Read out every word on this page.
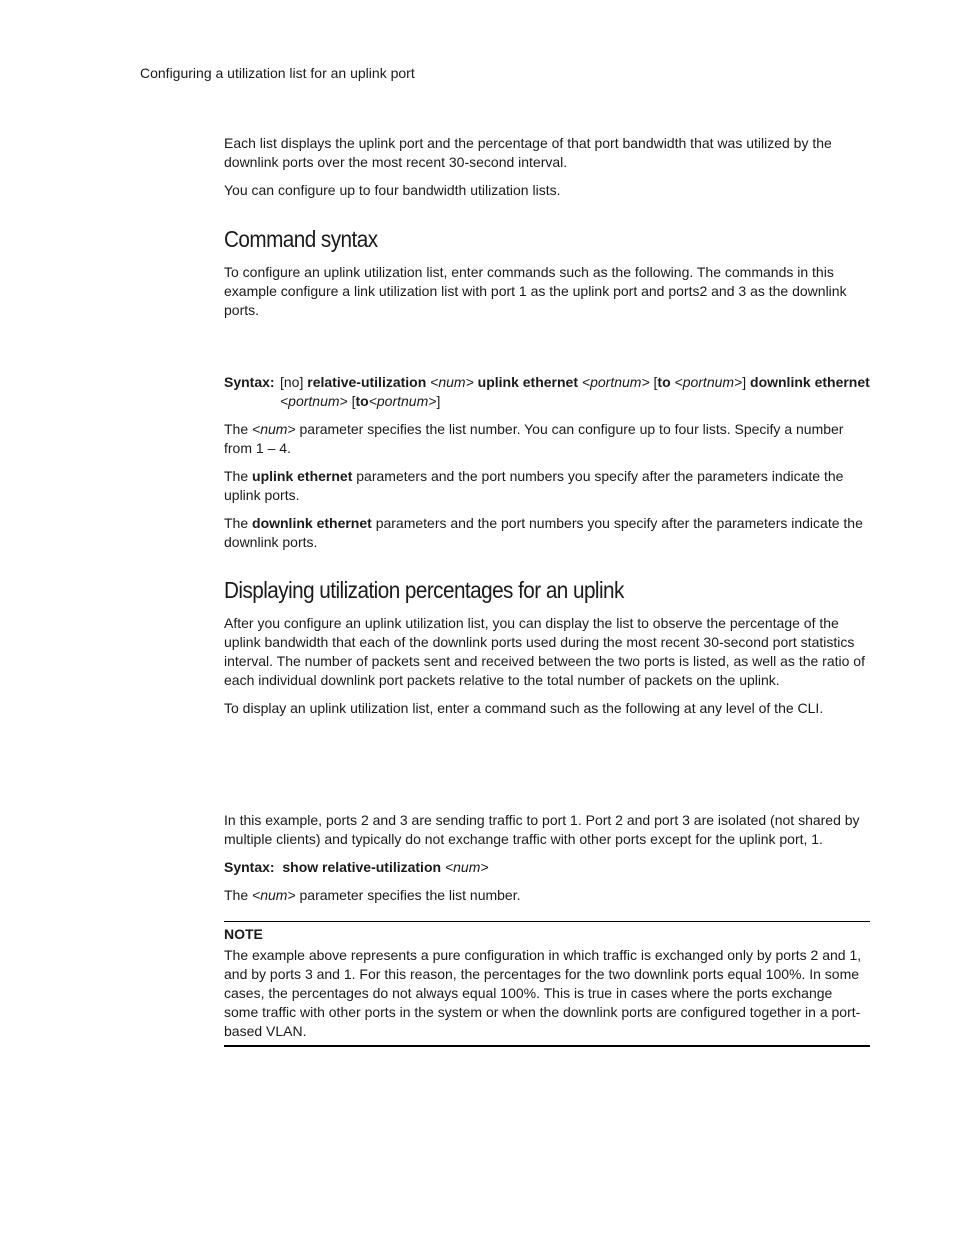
Configuring a utilization list for an uplink port

Each list displays the uplink port and the percentage of that port bandwidth that was utilized by the downlink ports over the most recent 30-second interval.

You can configure up to four bandwidth utilization lists.

Command syntax

To configure an uplink utilization list, enter commands such as the following. The commands in this example configure a link utilization list with port 1 as the uplink port and ports2 and 3 as the downlink ports.

Syntax: [no] relative-utilization <num> uplink ethernet <portnum> [to <portnum>] downlink ethernet <portnum> [to<portnum>]

The <num> parameter specifies the list number. You can configure up to four lists. Specify a number from 1 – 4.

The uplink ethernet parameters and the port numbers you specify after the parameters indicate the uplink ports.

The downlink ethernet parameters and the port numbers you specify after the parameters indicate the downlink ports.

Displaying utilization percentages for an uplink

After you configure an uplink utilization list, you can display the list to observe the percentage of the uplink bandwidth that each of the downlink ports used during the most recent 30-second port statistics interval. The number of packets sent and received between the two ports is listed, as well as the ratio of each individual downlink port packets relative to the total number of packets on the uplink.

To display an uplink utilization list, enter a command such as the following at any level of the CLI.

In this example, ports 2 and 3 are sending traffic to port 1. Port 2 and port 3 are isolated (not shared by multiple clients) and typically do not exchange traffic with other ports except for the uplink port, 1.

Syntax: show relative-utilization <num>

The <num> parameter specifies the list number.

NOTE

The example above represents a pure configuration in which traffic is exchanged only by ports 2 and 1, and by ports 3 and 1. For this reason, the percentages for the two downlink ports equal 100%. In some cases, the percentages do not always equal 100%. This is true in cases where the ports exchange some traffic with other ports in the system or when the downlink ports are configured together in a port-based VLAN.
